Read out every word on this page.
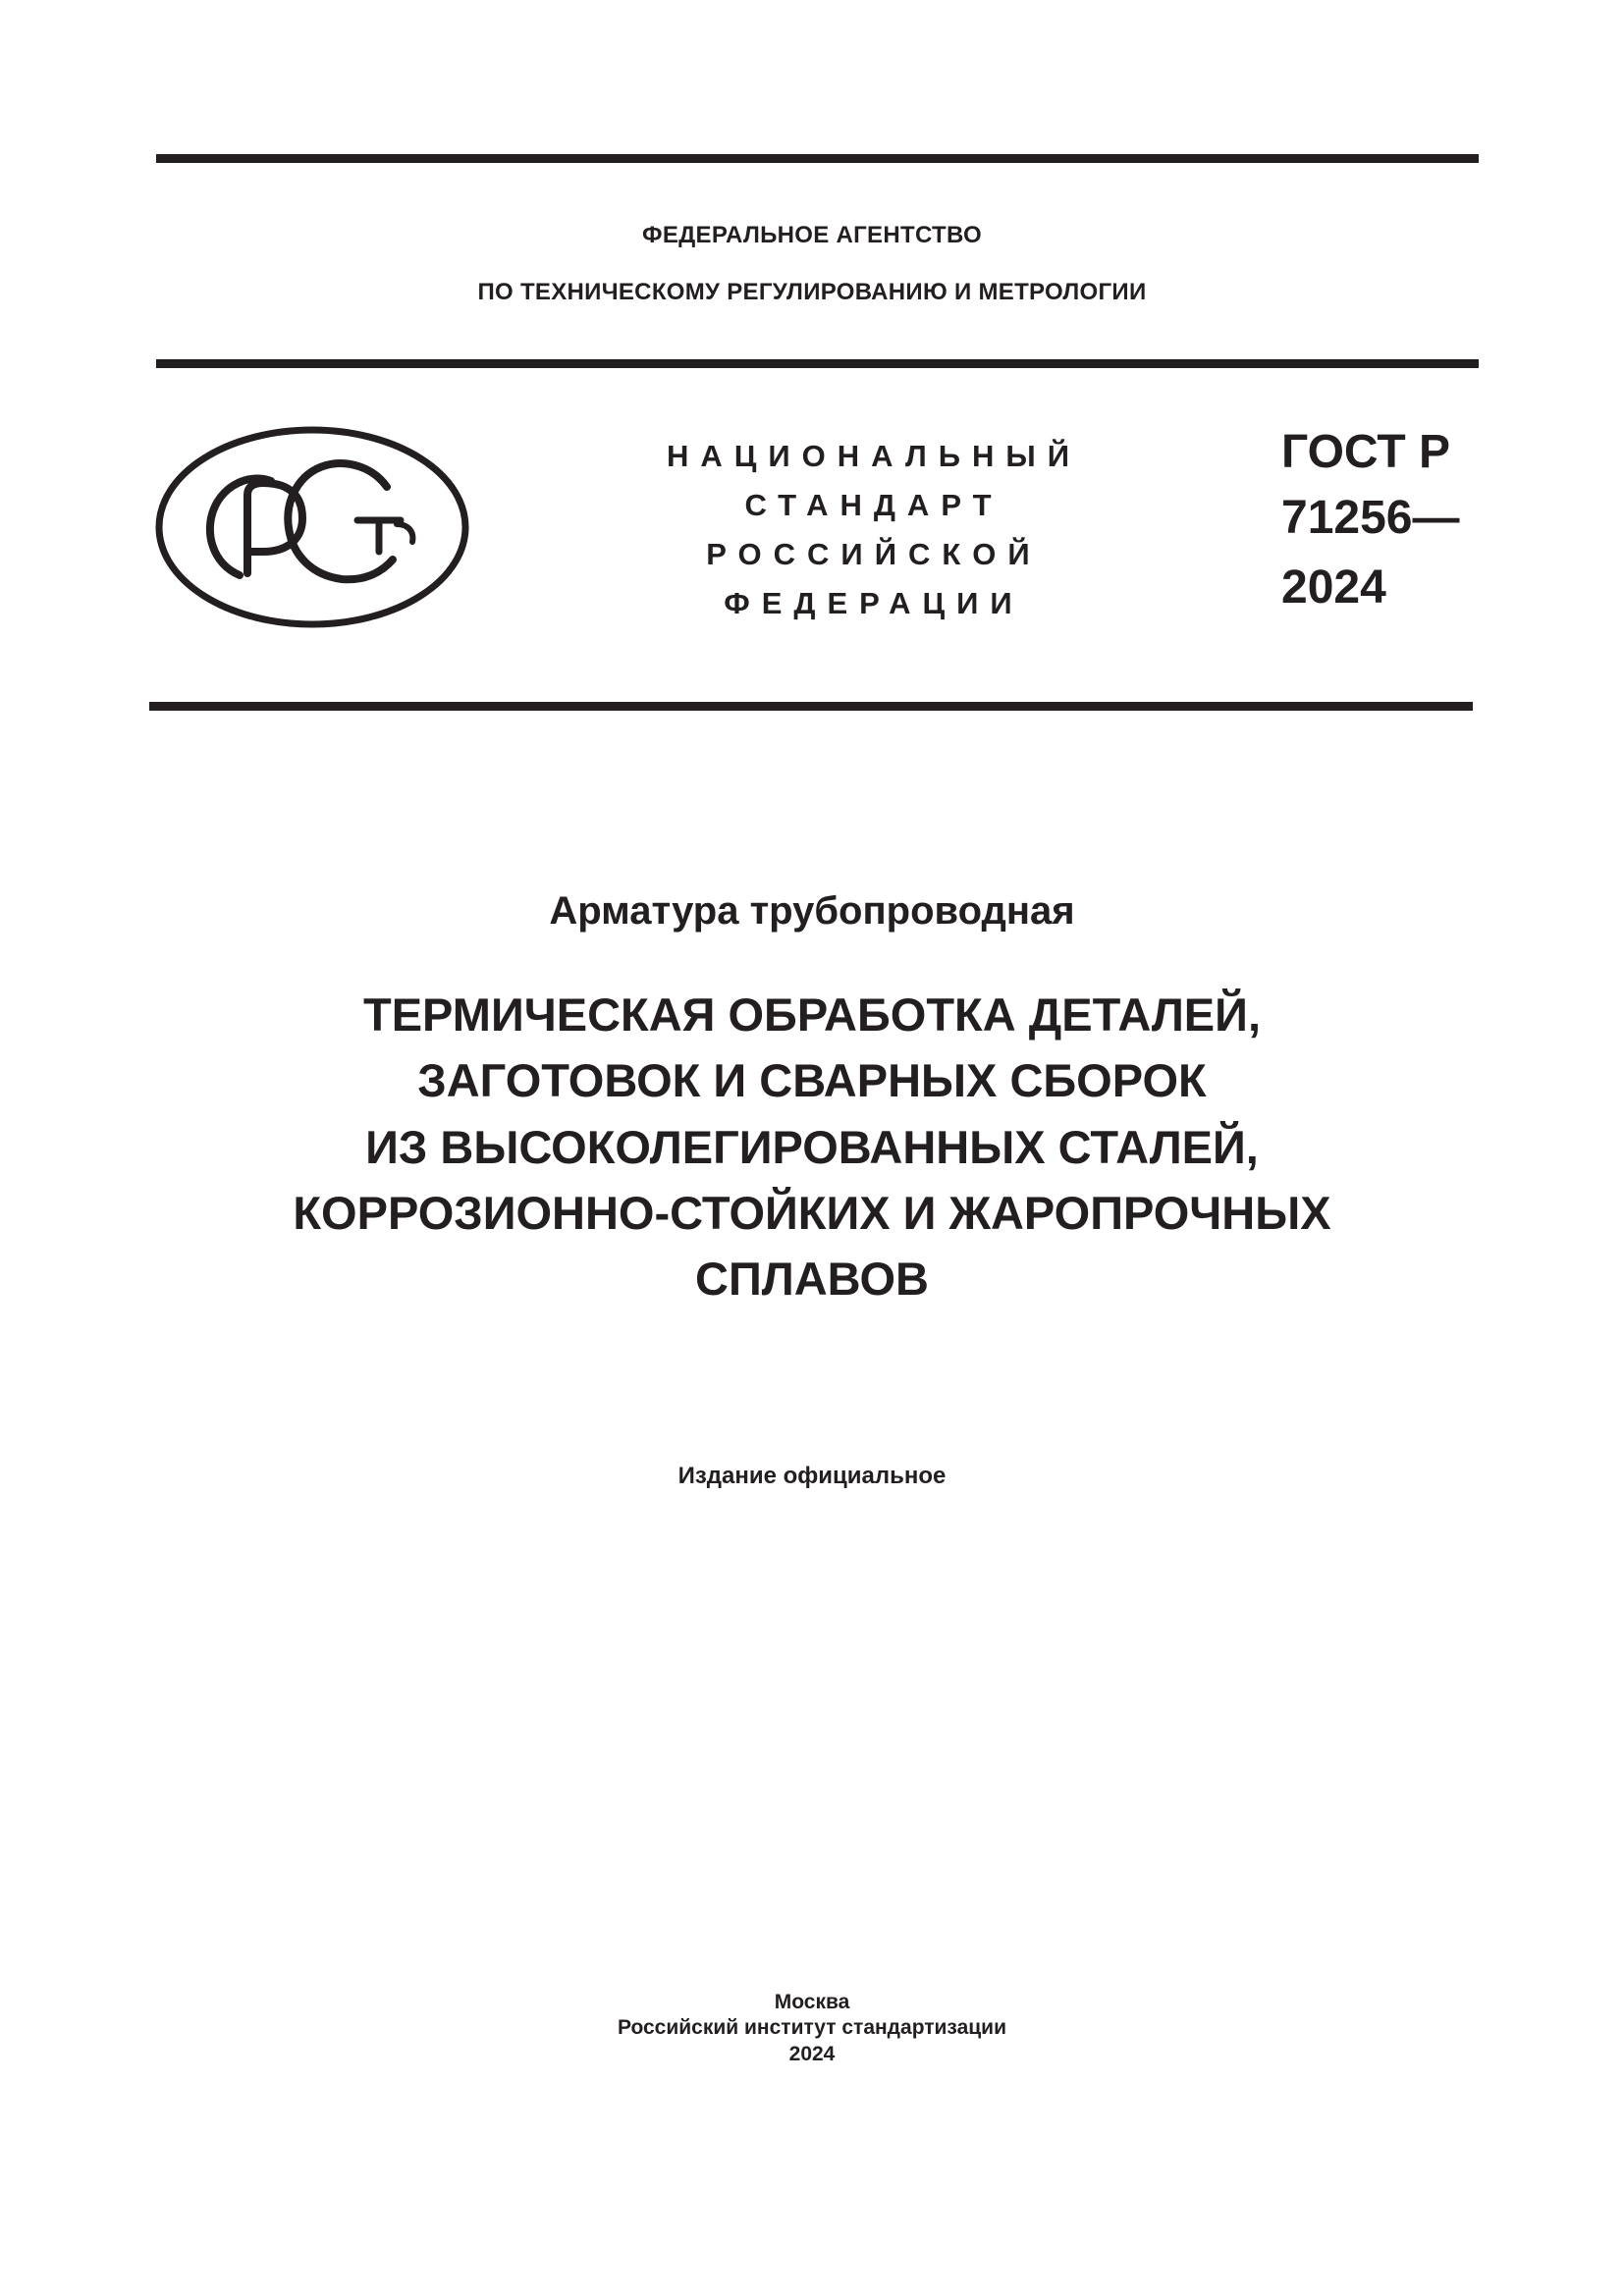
ФЕДЕРАЛЬНОЕ АГЕНТСТВО
ПО ТЕХНИЧЕСКОМУ РЕГУЛИРОВАНИЮ И МЕТРОЛОГИИ
НАЦИОНАЛЬНЫЙ
СТАНДАРТ
РОССИЙСКОЙ
ФЕДЕРАЦИИ
ГОСТ Р
71256—
2024
Арматура трубопроводная
ТЕРМИЧЕСКАЯ ОБРАБОТКА ДЕТАЛЕЙ,
ЗАГОТОВОК И СВАРНЫХ СБОРОК
ИЗ ВЫСОКОЛЕГИРОВАННЫХ СТАЛЕЙ,
КОРРОЗИОННО-СТОЙКИХ И ЖАРОПРОЧНЫХ
СПЛАВОВ
Издание официальное
Москва
Российский институт стандартизации
2024
